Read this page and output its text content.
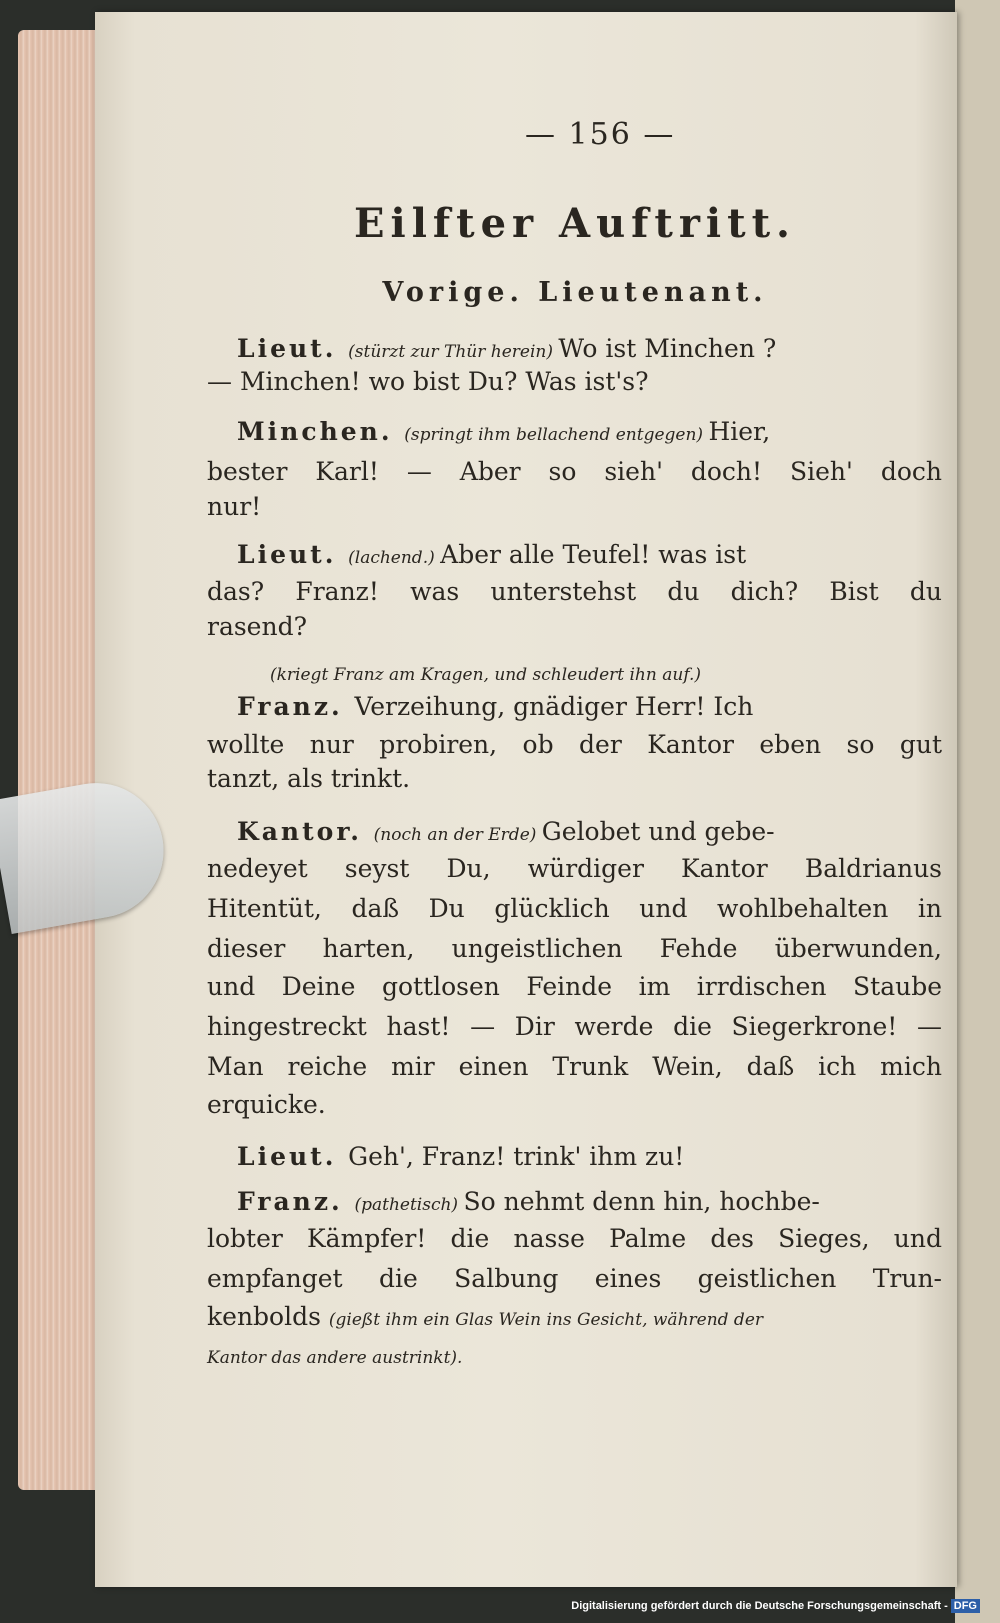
— 156 —
Eilfter Auftritt.
Vorige. Lieutenant.
Lieut. (stürzt zur Thür herein) Wo ist Minchen ?
— Minchen! wo bist Du? Was ist's?
Minchen. (springt ihm bellachend entgegen) Hier,
bester Karl! — Aber so sieh' doch! Sieh' doch
nur!
Lieut. (lachend.) Aber alle Teufel! was ist
das? Franz! was unterstehst du dich? Bist du
rasend?
(kriegt Franz am Kragen, und schleudert ihn auf.)
Franz. Verzeihung, gnädiger Herr! Ich
wollte nur probiren, ob der Kantor eben so gut
tanzt, als trinkt.
Kantor. (noch an der Erde) Gelobet und gebe-
nedeyet seyst Du, würdiger Kantor Baldrianus
Hitentüt, daß Du glücklich und wohlbehalten in
dieser harten, ungeistlichen Fehde überwunden,
und Deine gottlosen Feinde im irrdischen Staube
hingestreckt hast! — Dir werde die Siegerkrone! —
Man reiche mir einen Trunk Wein, daß ich mich
erquicke.
Lieut. Geh', Franz! trink' ihm zu!
Franz. (pathetisch) So nehmt denn hin, hochbe-
lobter Kämpfer! die nasse Palme des Sieges, und
empfanget die Salbung eines geistlichen Trun-
kenbolds (gießt ihm ein Glas Wein ins Gesicht, während der
Kantor das andere austrinkt).
Digitalisierung gefördert durch die Deutsche Forschungsgemeinschaft - DFG
